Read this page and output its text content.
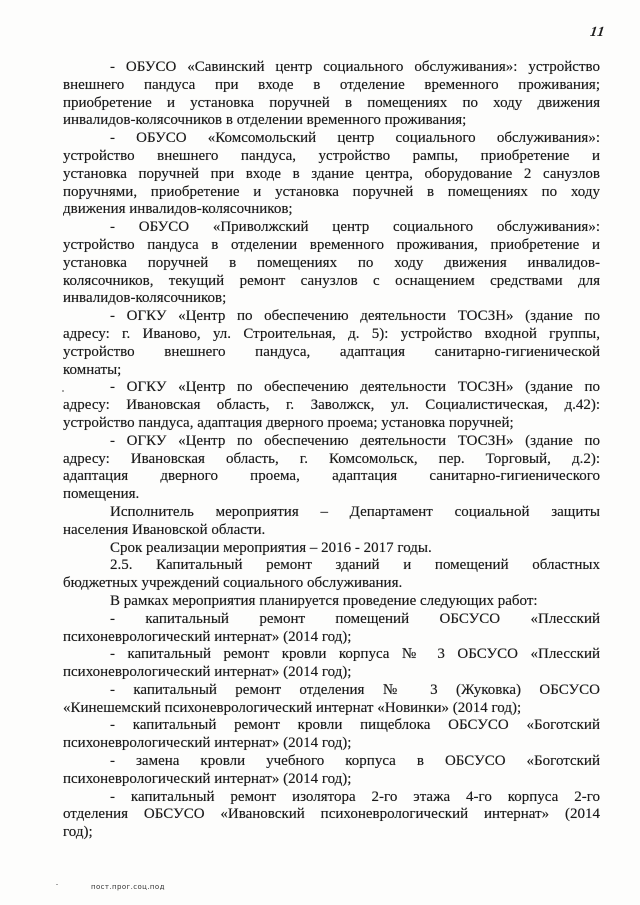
11
- ОБУСО «Савинский центр социального обслуживания»: устройство
внешнего пандуса при входе в отделение временного проживания;
приобретение и установка поручней в помещениях по ходу движения
инвалидов-колясочников в отделении временного проживания;
- ОБУСО «Комсомольский центр социального обслуживания»:
устройство внешнего пандуса, устройство рампы, приобретение и
установка поручней при входе в здание центра, оборудование 2 санузлов
поручнями, приобретение и установка поручней в помещениях по ходу
движения инвалидов-колясочников;
- ОБУСО «Приволжский центр социального обслуживания»:
устройство пандуса в отделении временного проживания, приобретение и
установка поручней в помещениях по ходу движения инвалидов-
колясочников, текущий ремонт санузлов с оснащением средствами для
инвалидов-колясочников;
- ОГКУ «Центр по обеспечению деятельности ТОСЗН» (здание по
адресу: г. Иваново, ул. Строительная, д. 5): устройство входной группы,
устройство внешнего пандуса, адаптация санитарно-гигиенической
комнаты;
- ОГКУ «Центр по обеспечению деятельности ТОСЗН» (здание по
адресу: Ивановская область, г. Заволжск, ул. Социалистическая, д.42):
устройство пандуса, адаптация дверного проема; установка поручней;
- ОГКУ «Центр по обеспечению деятельности ТОСЗН» (здание по
адресу: Ивановская область, г. Комсомольск, пер. Торговый, д.2):
адаптация дверного проема, адаптация санитарно-гигиенического
помещения.
Исполнитель мероприятия – Департамент социальной защиты
населения Ивановской области.
Срок реализации мероприятия – 2016 - 2017 годы.
2.5. Капитальный ремонт зданий и помещений областных
бюджетных учреждений социального обслуживания.
В рамках мероприятия планируется проведение следующих работ:
- капитальный ремонт помещений ОБСУСО «Плесский
психоневрологический интернат» (2014 год);
- капитальный ремонт кровли корпуса № 3 ОБСУСО «Плесский
психоневрологический интернат» (2014 год);
- капитальный ремонт отделения № 3 (Жуковка) ОБСУСО
«Кинешемский психоневрологический интернат «Новинки» (2014 год);
- капитальный ремонт кровли пищеблока ОБСУСО «Боготский
психоневрологический интернат» (2014 год);
- замена кровли учебного корпуса в ОБСУСО «Боготский
психоневрологический интернат» (2014 год);
- капитальный ремонт изолятора 2-го этажа 4-го корпуса 2-го
отделения ОБСУСО «Ивановский психоневрологический интернат» (2014
год);
пост.прог.соц.под
